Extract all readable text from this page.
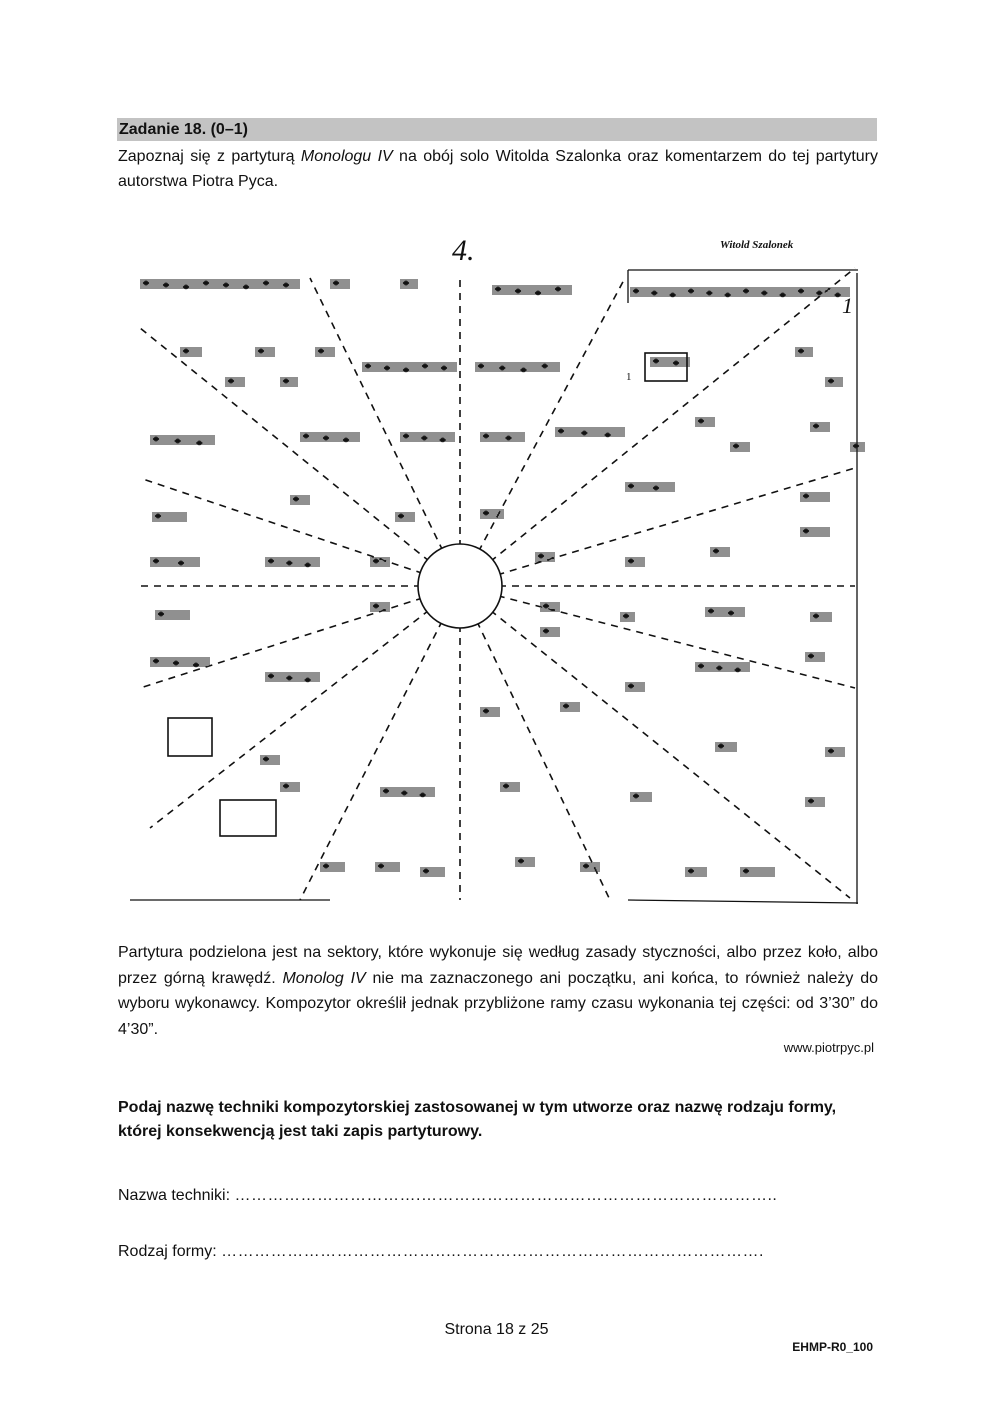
Zadanie 18. (0–1)
Zapoznaj się z partyturą Monologu IV na obój solo Witolda Szalonka oraz komentarzem do tej partytury autorstwa Piotra Pyca.
4.	Witold Szalonek
1
1
Partytura podzielona jest na sektory, które wykonuje się według zasady styczności, albo przez koło, albo przez górną krawędź. Monolog IV nie ma zaznaczonego ani początku, ani końca, to również należy do wyboru wykonawcy. Kompozytor określił jednak przybliżone ramy czasu wykonania tej części: od 3’30” do 4’30”.
www.piotrpyc.pl
Podaj nazwę techniki kompozytorskiej zastosowanej w tym utworze oraz nazwę rodzaju formy, której konsekwencją jest taki zapis partyturowy.
Nazwa techniki: …………………………….………………………………………………………..
Rodzaj formy: …………………………………..………………………………………………….
Strona 18 z 25
EHMP-R0_100
